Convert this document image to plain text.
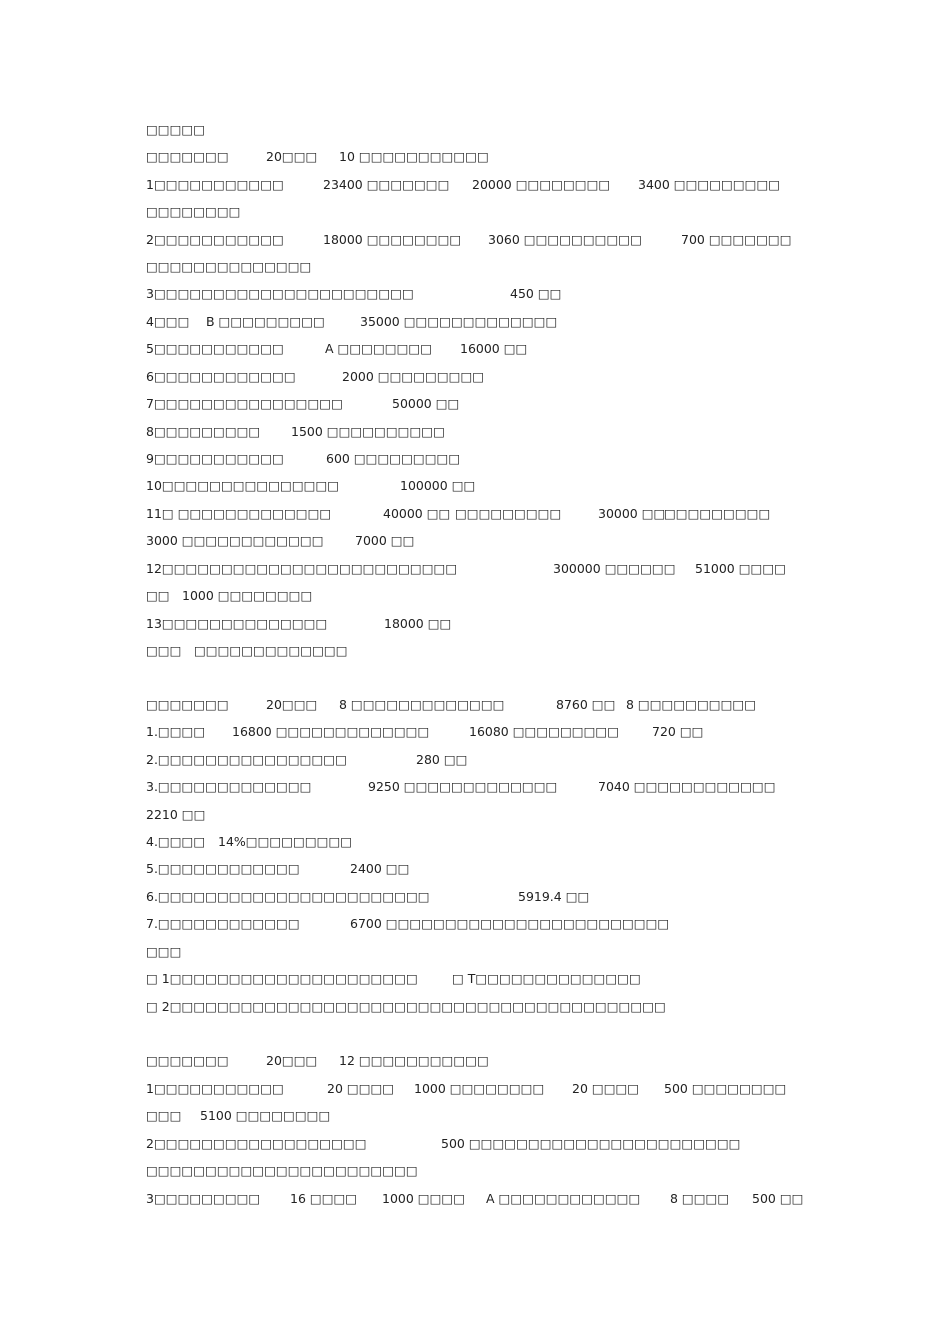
□□□□□
□□□□□□□	20□□□ 10 □□□□□□□□□□□
1□□□□□□□□□□□	23400 □□□□□□□ 20000 □□□□□□□□ 3400 □□□□□□□□□
□□□□□□□□
2□□□□□□□□□□□	18000 □□□□□□□□ 3060 □□□□□□□□□□	700 □□□□□□□
□□□□□□□□□□□□□□
3□□□□□□□□□□□□□□□□□□□□□□	450 □□
4□□□ B □□□□□□□□□	35000 □□□□□□□□□□□□□
5□□□□□□□□□□□	A □□□□□□□□ 16000 □□
6□□□□□□□□□□□□	2000 □□□□□□□□□
7□□□□□□□□□□□□□□□□	50000 □□
8□□□□□□□□□ 1500 □□□□□□□□□□
9□□□□□□□□□□□	600 □□□□□□□□□
10□□□□□□□□□□□□□□□	100000 □□
11□ □□□□□□□□□□□□□	40000 □□ □□□□□□□□□	30000 □□
□□□□□□□□□
3000 □□□□□□□□□□□□	7000 □□
12□□□□□□□□□□□□□□□□□□□□□□□□□	300000 □□□□□□ 51000 □□□□
□□ 1000 □□□□□□□□
13□□□□□□□□□□□□□□	18000 □□
□□□ □□□□□□□□□□□□□
□□□□□□□	20□□□ 8 □□□□□□□□□□□□□	8760 □□ 8 □□□□□□□□□□
1.□□□□ 16800 □□□□□□□□□□□□□	16080 □□□□□□□□□	720 □□
2.□□□□□□□□□□□□□□□□	280 □□
3.□□□□□□□□□□□□□	9250 □□□□□□□□□□□□□	7040 □□□□□□□□□□□□
2210 □□
4.□□□□ 14%□□□□□□□□□
5.□□□□□□□□□□□□	2400 □□
6.□□□□□□□□□□□□□□□□□□□□□□□	5919.4 □□
7.□□□□□□□□□□□□	6700 □□□□□□□□□□□□□□□□□□□□□□□□
□□□
□ 1□□□□□□□□□□□□□□□□□□□□□	□ T□□□□□□□□□□□□□□
□ 2□□□□□□□□□□□□□□□□□□□□□□□□□□□□□□□□□□□□□□□□□□
□□□□□□□	20□□□ 12 □□□□□□□□□□□
1□□□□□□□□□□□	20 □□□□ 1000 □□□□□□□□ 20 □□□□ 500 □□□□□□□□
□□□ 5100 □□□□□□□□
2□□□□□□□□□□□□□□□□□□	500 □□□□□□□□□□□□□□□□□□□□□□□
□□□□□□□□□□□□□□□□□□□□□□□
3□□□□□□□□□ 16 □□□□ 1000 □□□□ A □□□□□□□□□□□□ 8 □□□□ 500 □□
